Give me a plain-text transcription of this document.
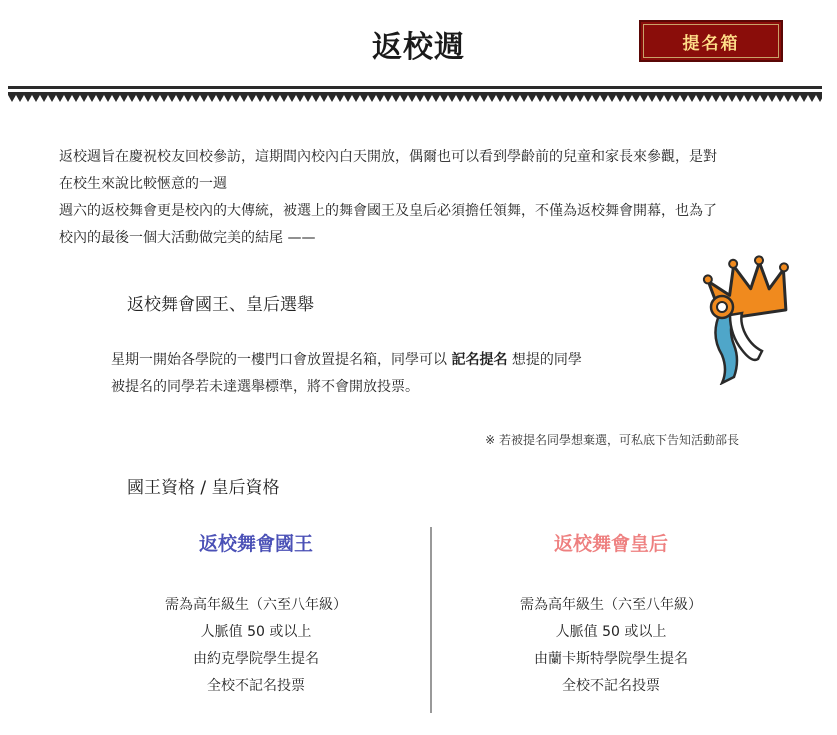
返校週	提名箱

返校週旨在慶祝校友回校參訪，這期間內校內白天開放，偶爾也可以看到學齡前的兒童和家長來參觀，是對在校生來說比較愜意的一週

週六的返校舞會更是校內的大傳統，被選上的舞會國王及皇后必須擔任領舞，不僅為返校舞會開幕，也為了校內的最後一個大活動做完美的結尾 ——

返校舞會國王、皇后選舉

星期一開始各學院的一樓門口會放置提名箱，同學可以 記名提名 想提的同學

被提名的同學若未達選舉標準，將不會開放投票。

※ 若被提名同學想棄選，可私底下告知活動部長
國王資格 / 皇后資格
返校舞會國王
需為高年級生（六至八年級）
人脈值 50 或以上
由約克學院學生提名
全校不記名投票
返校舞會皇后
需為高年級生（六至八年級）
人脈值 50 或以上
由蘭卡斯特學院學生提名
全校不記名投票
